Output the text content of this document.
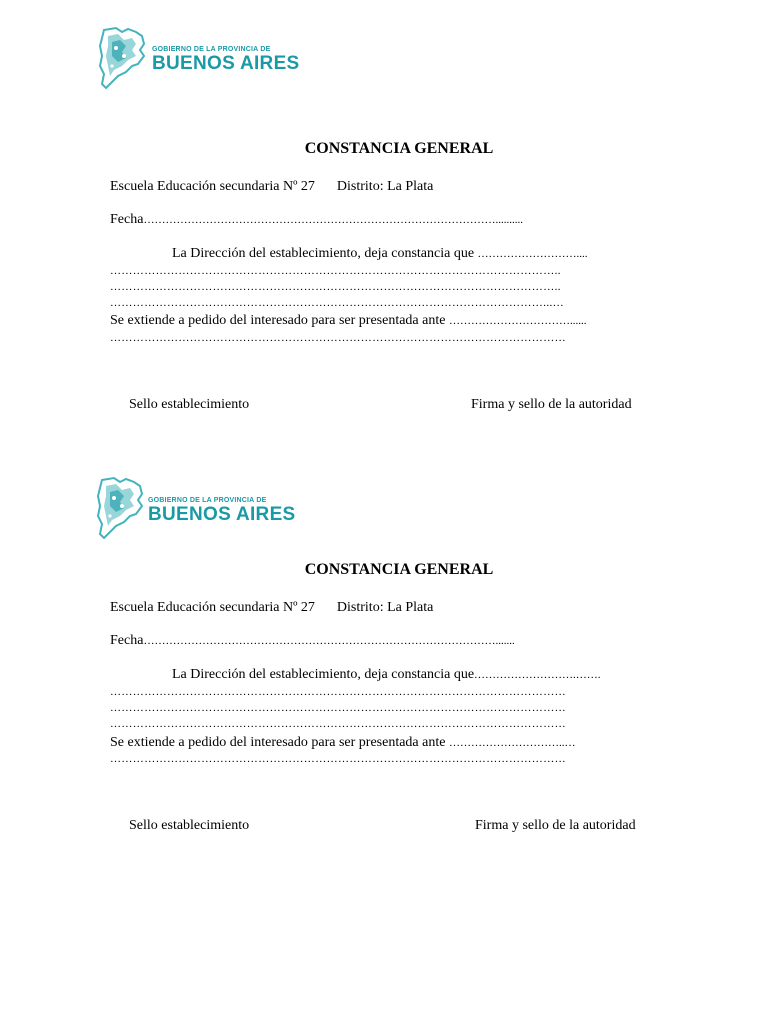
GOBIERNO DE LA PROVINCIA DE
BUENOS AIRES
CONSTANCIA GENERAL
Escuela Educación secundaria Nº 27 Distrito: La Plata
Fecha……………………………………………………………………………………..........
La Dirección del establecimiento, deja constancia que ………………………....
………………………………………………………………………………………………………..
………………………………………………………………………………………………………..
……………………………………………………………………………………………………...…
Se extiende a pedido del interesado para ser presentada ante ……………………………......
…………………………………………………………………………………………………………
Sello establecimiento	Firma y sello de la autoridad
GOBIERNO DE LA PROVINCIA DE
BUENOS AIRES
CONSTANCIA GENERAL
Escuela Educación secundaria Nº 27 Distrito: La Plata
Fecha…………………………………………………………………………………….......
La Dirección del establecimiento, deja constancia que……………………….…….
…………………………………………………………………………………………………………
…………………………………………………………………………………………………………
…………………………………………………………………………………………………………
Se extiende a pedido del interesado para ser presentada ante …………………………..…
…………………………………………………………………………………………………………
Sello establecimiento	Firma y sello de la autoridad
